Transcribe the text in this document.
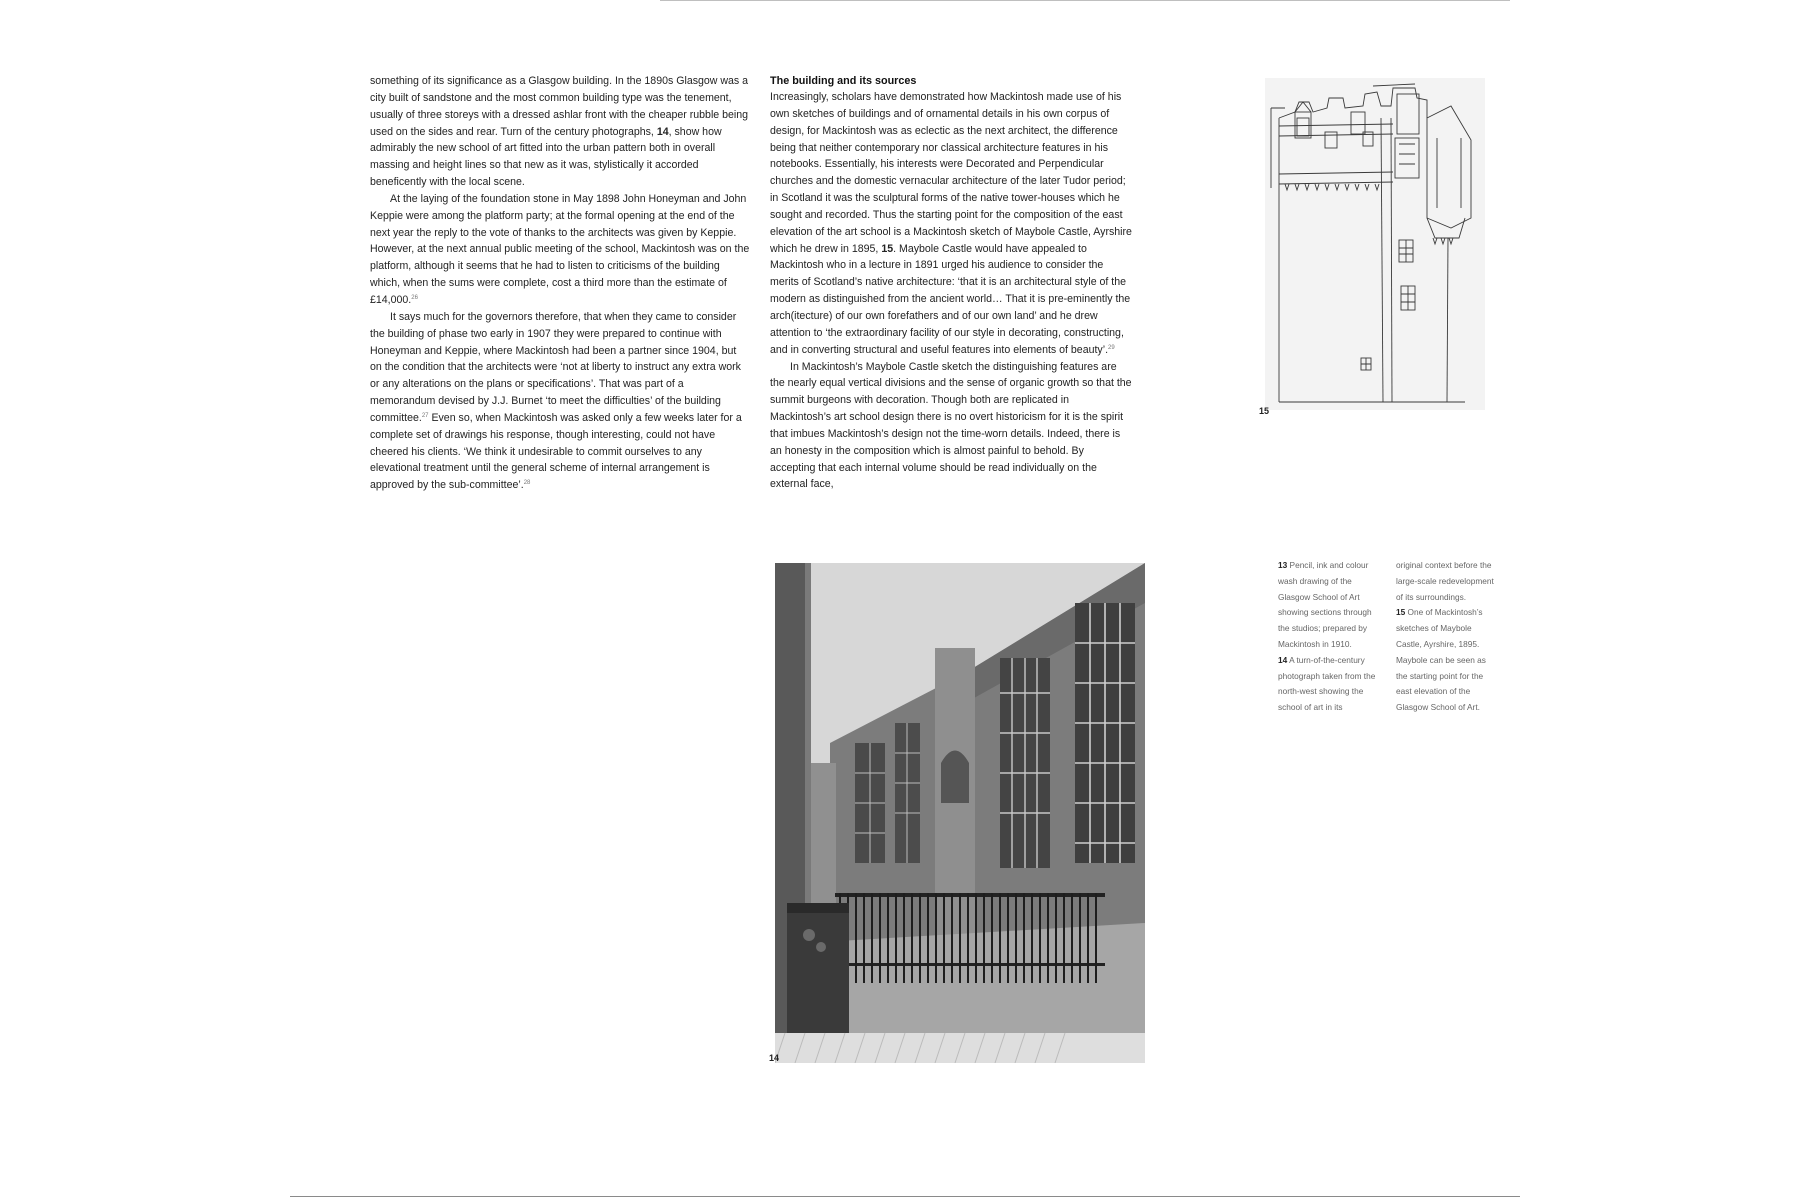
something of its significance as a Glasgow building. In the 1890s Glasgow was a city built of sandstone and the most common building type was the tenement, usually of three storeys with a dressed ashlar front with the cheaper rubble being used on the sides and rear. Turn of the century photographs, 14, show how admirably the new school of art fitted into the urban pattern both in overall massing and height lines so that new as it was, stylistically it accorded beneficently with the local scene.

At the laying of the foundation stone in May 1898 John Honeyman and John Keppie were among the platform party; at the formal opening at the end of the next year the reply to the vote of thanks to the architects was given by Keppie. However, at the next annual public meeting of the school, Mackintosh was on the platform, although it seems that he had to listen to criticisms of the building which, when the sums were complete, cost a third more than the estimate of £14,000.26

It says much for the governors therefore, that when they came to consider the building of phase two early in 1907 they were prepared to continue with Honeyman and Keppie, where Mackintosh had been a partner since 1904, but on the condition that the architects were ‘not at liberty to instruct any extra work or any alterations on the plans or specifications’. That was part of a memorandum devised by J.J. Burnet ‘to meet the difficulties’ of the building committee.$^{27}$ Even so, when Mackintosh was asked only a few weeks later for a complete set of drawings his response, though interesting, could not have cheered his clients. ‘We think it undesirable to commit ourselves to any elevational treatment until the general scheme of internal arrangement is approved by the sub-committee’.$^{28}$

The building and its sources

Increasingly, scholars have demonstrated how Mackintosh made use of his own sketches of buildings and of ornamental details in his own corpus of design, for Mackintosh was as eclectic as the next architect, the difference being that neither contemporary nor classical architecture features in his notebooks. Essentially, his interests were Decorated and Perpendicular churches and the domestic vernacular architecture of the later Tudor period; in Scotland it was the sculptural forms of the native tower-houses which he sought and recorded. Thus the starting point for the composition of the east elevation of the art school is a Mackintosh sketch of Maybole Castle, Ayrshire which he drew in 1895, 15. Maybole Castle would have appealed to Mackintosh who in a lecture in 1891 urged his audience to consider the merits of Scotland’s native architecture: ‘that it is an architectural style of the modern as distinguished from the ancient world… That it is pre-eminently the arch(itecture) of our own forefathers and of our own land’ and he drew attention to ‘the extraordinary facility of our style in decorating, constructing, and in converting structural and useful features into elements of beauty’.$^{29}$

In Mackintosh’s Maybole Castle sketch the distinguishing features are the nearly equal vertical divisions and the sense of organic growth so that the summit burgeons with decoration. Though both are replicated in Mackintosh’s art school design there is no overt historicism for it is the spirit that imbues Mackintosh’s design not the time-worn details. Indeed, there is an honesty in the composition which is almost painful to behold. By accepting that each internal volume should be read individually on the external face,

15
14

13 Pencil, ink and colour wash drawing of the Glasgow School of Art showing sections through the studios; prepared by Mackintosh in 1910.

14 A turn-of-the-century photograph taken from the north-west showing the school of art in its

original context before the large-scale redevelopment of its surroundings.

15 One of Mackintosh’s sketches of Maybole Castle, Ayrshire, 1895. Maybole can be seen as the starting point for the east elevation of the Glasgow School of Art.
